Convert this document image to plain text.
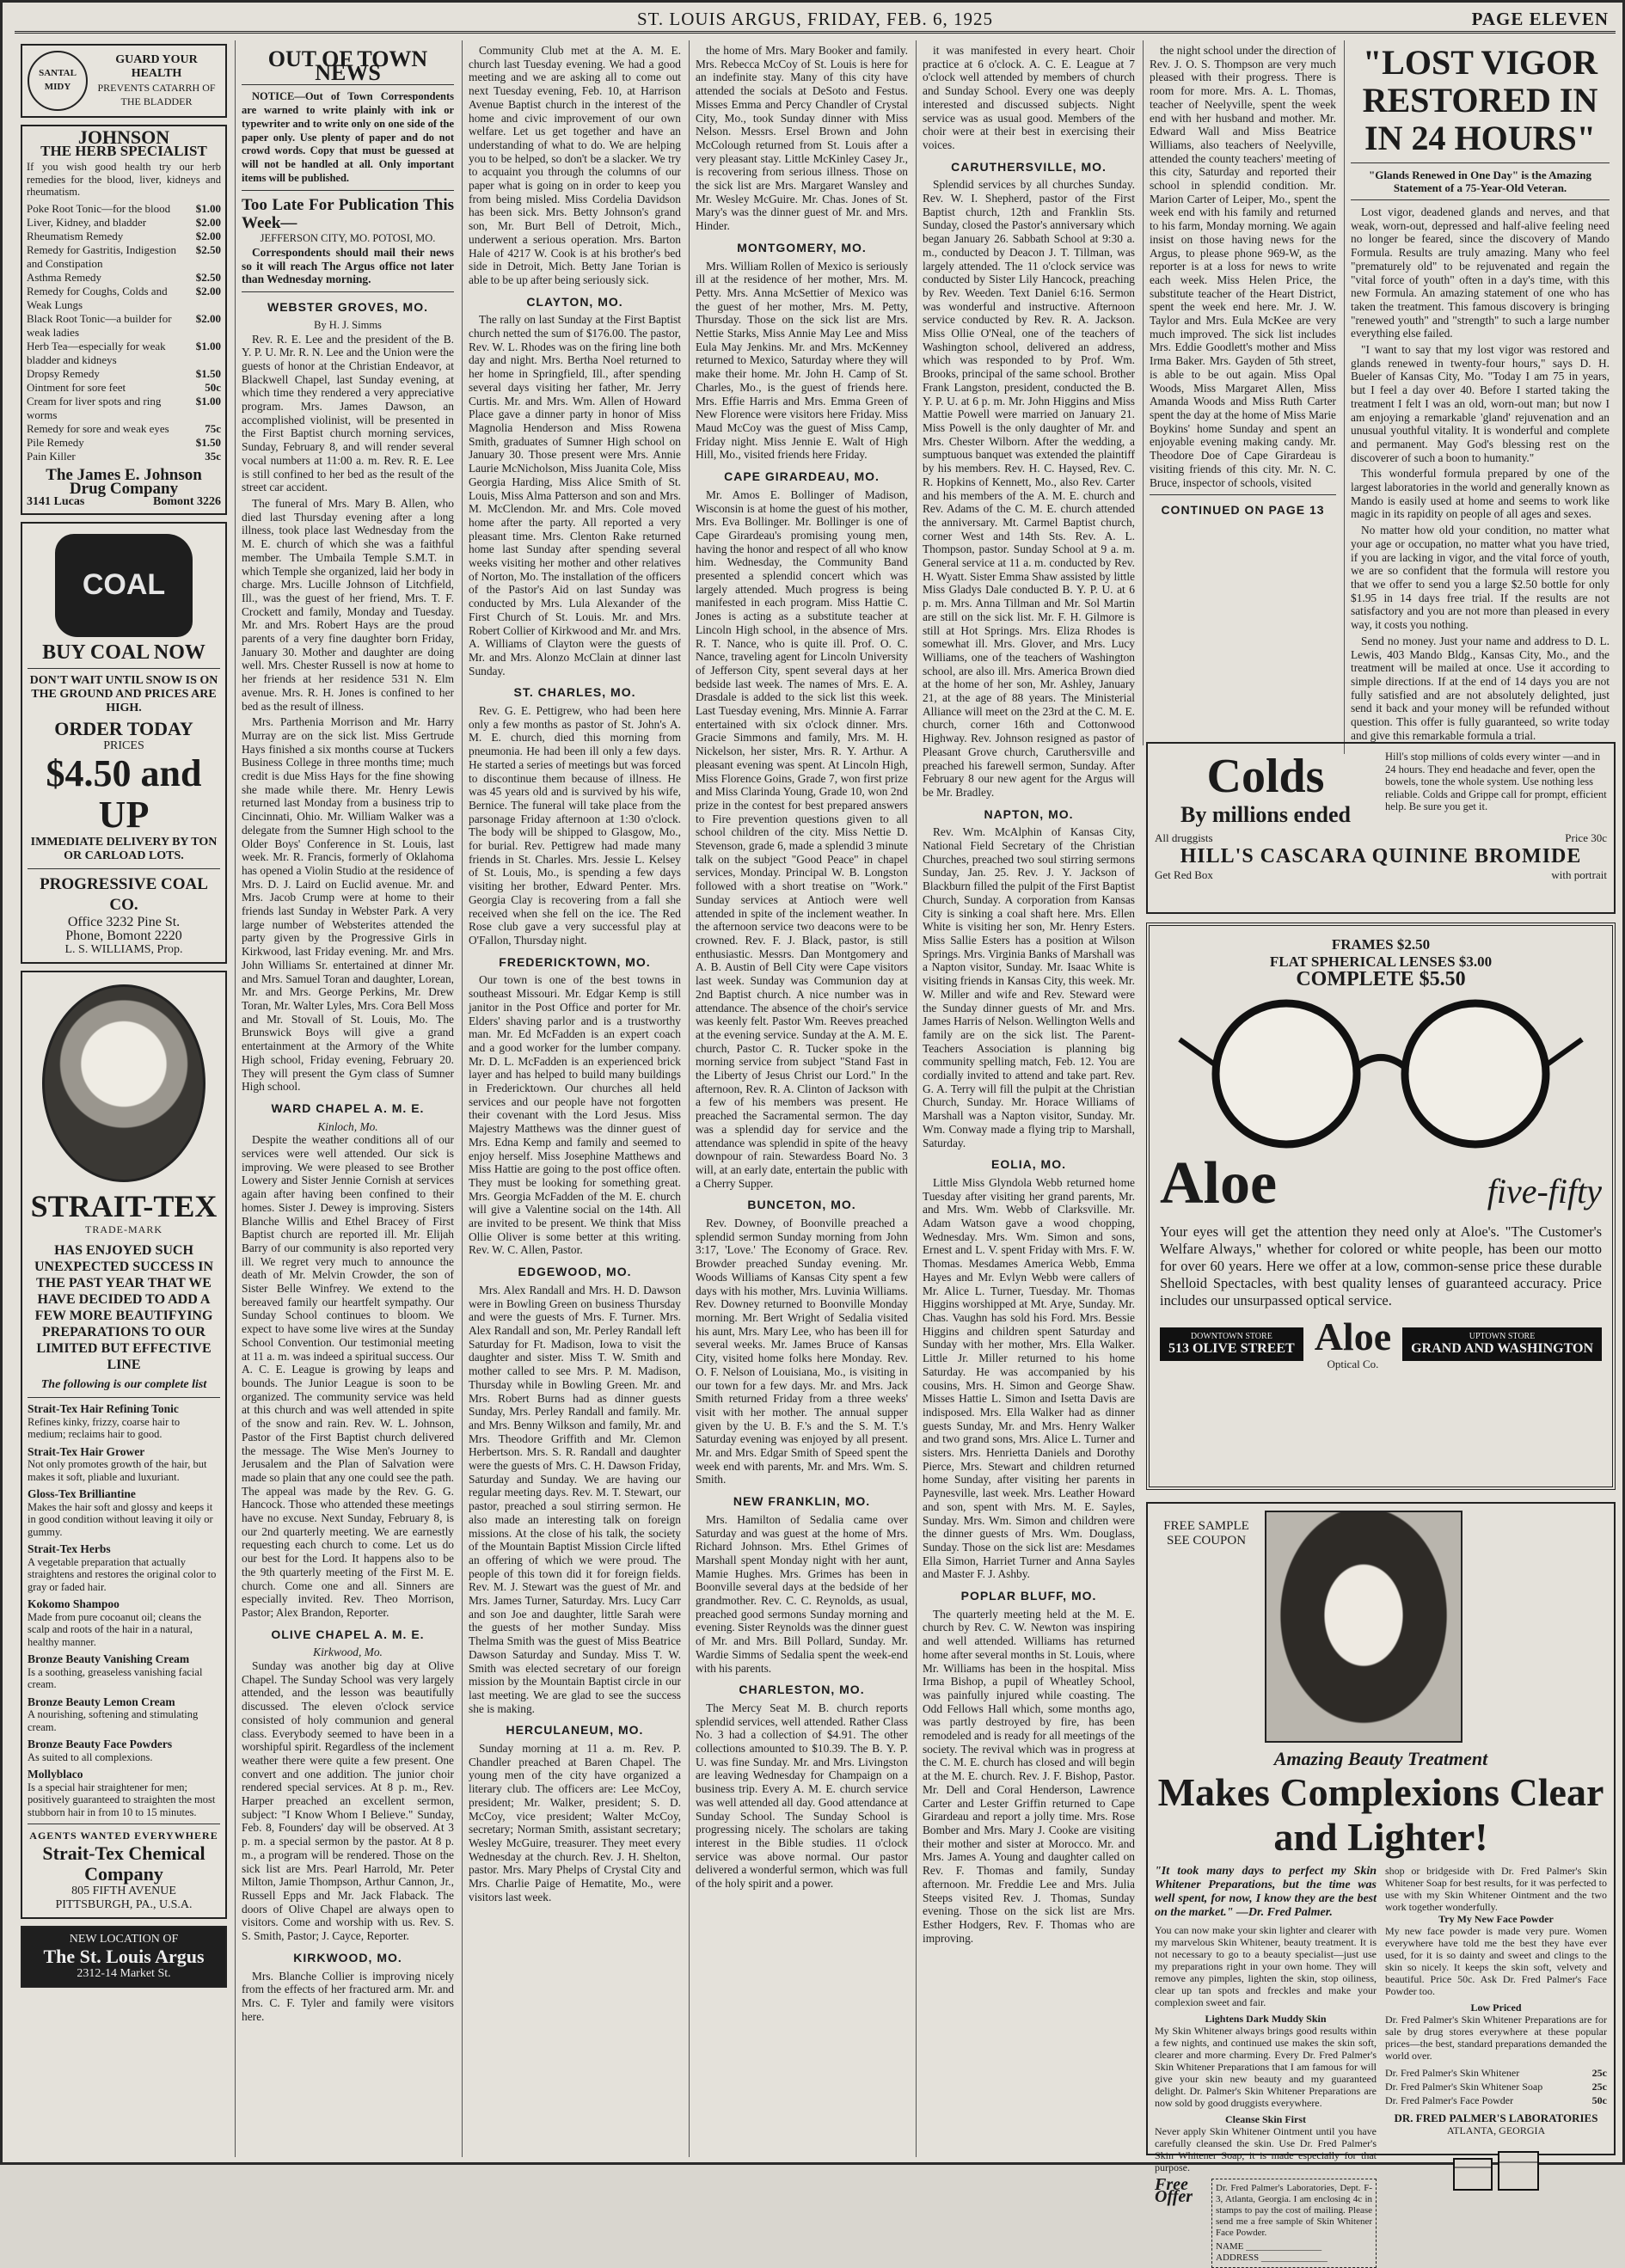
ST. LOUIS ARGUS, FRIDAY, FEB. 6, 1925	PAGE ELEVEN
SANTAL MIDY
GUARD YOUR HEALTH
PREVENTS CATARRH OF THE BLADDER
JOHNSON
THE HERB SPECIALIST
If you wish good health try our herb remedies for the blood, liver, kidneys and rheumatism.
Poke Root Tonic—for the blood	$1.00
Liver, Kidney, and bladder	$2.00
Rheumatism Remedy	$2.00
Remedy for Gastritis, Indigestion and Constipation
$2.50
Asthma Remedy	$2.50
Remedy for Coughs, Colds and Weak Lungs
$2.00
Black Root Tonic—a builder for weak ladies
$2.00
Herb Tea—especially for weak bladder and kidneys
$1.00
Dropsy Remedy	$1.50
Ointment for sore feet	50c
Cream for liver spots and ring worms
$1.00
Remedy for sore and weak eyes	75c
Pile Remedy	$1.50
Pain Killer	35c
The James E. Johnson Drug Company
3141 Lucas	Bomont 3226
COAL
BUY COAL NOW
DON'T WAIT UNTIL SNOW IS ON THE GROUND AND PRICES ARE HIGH.
ORDER TODAY
PRICES
$4.50 and UP
IMMEDIATE DELIVERY BY TON OR CARLOAD LOTS.
PROGRESSIVE COAL CO.
Office 3232 Pine St.
Phone, Bomont 2220
L. S. WILLIAMS, Prop.
STRAIT-TEX
TRADE-MARK
HAS ENJOYED SUCH UNEXPECTED SUCCESS IN THE PAST YEAR THAT WE HAVE DECIDED TO ADD A FEW MORE BEAUTIFYING PREPARATIONS TO OUR LIMITED BUT EFFECTIVE LINE
The following is our complete list
Strait-Tex Hair Refining Tonic
Refines kinky, frizzy, coarse hair to medium; reclaims hair to good.
Strait-Tex Hair Grower
Not only promotes growth of the hair, but makes it soft, pliable and luxuriant.
Gloss-Tex Brilliantine
Makes the hair soft and glossy and keeps it in good condition without leaving it oily or gummy.
Strait-Tex Herbs
A vegetable preparation that actually straightens and restores the original color to gray or faded hair.
Kokomo Shampoo
Made from pure cocoanut oil; cleans the scalp and roots of the hair in a natural, healthy manner.
Bronze Beauty Vanishing Cream
Is a soothing, greaseless vanishing facial cream.
Bronze Beauty Lemon Cream
A nourishing, softening and stimulating cream.
Bronze Beauty Face Powders
As suited to all complexions.
Mollyblaco
Is a special hair straightener for men; positively guaranteed to straighten the most stubborn hair in from 10 to 15 minutes.
AGENTS WANTED EVERYWHERE
Strait-Tex Chemical Company
805 FIFTH AVENUE
PITTSBURGH, PA., U.S.A.
NEW LOCATION OF
The St. Louis Argus
2312-14 Market St.
OUT OF TOWN NEWS

NOTICE—Out of Town Correspondents are warned to write plainly with ink or typewriter and to write only on one side of the paper only. Use plenty of paper and do not crowd words. Copy that must be guessed at will not be handled at all. Only important items will be published.

Too Late For Publication This Week—
JEFFERSON CITY, MO. POTOSI, MO.

Correspondents should mail their news so it will reach The Argus office not later than Wednesday morning.

WEBSTER GROVES, MO.
By H. J. Simms

Rev. R. E. Lee and the president of the B. Y. P. U. Mr. R. N. Lee and the Union were the guests of honor at the Christian Endeavor, at Blackwell Chapel, last Sunday evening, at which time they rendered a very appreciative program. Mrs. James Dawson, an accomplished violinist, will be presented in the First Baptist church morning services, Sunday, February 8, and will render several vocal numbers at 11:00 a. m. Rev. R. E. Lee is still confined to her bed as the result of the street car accident.

The funeral of Mrs. Mary B. Allen, who died last Thursday evening after a long illness, took place last Wednesday from the M. E. church of which she was a faithful member. The Umbaila Temple S.M.T. in which Temple she organized, laid her body in charge. Mrs. Lucille Johnson of Litchfield, Ill., was the guest of her friend, Mrs. T. F. Crockett and family, Monday and Tuesday. Mr. and Mrs. Robert Hays are the proud parents of a very fine daughter born Friday, January 30. Mother and daughter are doing well. Mrs. Chester Russell is now at home to her friends at her residence 531 N. Elm avenue. Mrs. R. H. Jones is confined to her bed as the result of illness.

Mrs. Parthenia Morrison and Mr. Harry Murray are on the sick list. Miss Gertrude Hays finished a six months course at Tuckers Business College in three months time; much credit is due Miss Hays for the fine showing she made while there. Mr. Henry Lewis returned last Monday from a business trip to Cincinnati, Ohio. Mr. William Walker was a delegate from the Sumner High school to the Older Boys' Conference in St. Louis, last week. Mr. R. Francis, formerly of Oklahoma has opened a Violin Studio at the residence of Mrs. D. J. Laird on Euclid avenue. Mr. and Mrs. Jacob Crump were at home to their friends last Sunday in Webster Park. A very large number of Websterites attended the party given by the Progressive Girls in Kirkwood, last Friday evening. Mr. and Mrs. John Williams Sr. entertained at dinner Mr. and Mrs. Samuel Toran and daughter, Lorean, Mr. and Mrs. George Perkins, Mr. Drew Toran, Mr. Walter Lyles, Mrs. Cora Bell Moss and Mr. Stovall of St. Louis, Mo. The Brunswick Boys will give a grand entertainment at the Armory of the White High school, Friday evening, February 20. They will present the Gym class of Sumner High school.

WARD CHAPEL A. M. E.
Kinloch, Mo.

Despite the weather conditions all of our services were well attended. Our sick is improving. We were pleased to see Brother Lowery and Sister Jennie Cornish at services again after having been confined to their homes. Sister J. Dewey is improving. Sisters Blanche Willis and Ethel Bracey of First Baptist church are reported ill. Mr. Elijah Barry of our community is also reported very ill. We regret very much to announce the death of Mr. Melvin Crowder, the son of Sister Belle Winfrey. We extend to the bereaved family our heartfelt sympathy. Our Sunday School continues to bloom. We expect to have some live wires at the Sunday School Convention. Our testimonial meeting at 11 a. m. was indeed a spiritual success. Our A. C. E. League is growing by leaps and bounds. The Junior League is soon to be organized. The community service was held at this church and was well attended in spite of the snow and rain. Rev. W. L. Johnson, Pastor of the First Baptist church delivered the message. The Wise Men's Journey to Jerusalem and the Plan of Salvation were made so plain that any one could see the path. The appeal was made by the Rev. G. G. Hancock. Those who attended these meetings have no excuse. Next Sunday, February 8, is our 2nd quarterly meeting. We are earnestly requesting each church to come. Let us do our best for the Lord. It happens also to be the 9th quarterly meeting of the First M. E. church. Come one and all. Sinners are especially invited. Rev. Theo Morrison, Pastor; Alex Brandon, Reporter.

OLIVE CHAPEL A. M. E.
Kirkwood, Mo.

Sunday was another big day at Olive Chapel. The Sunday School was very largely attended, and the lesson was beautifully discussed. The eleven o'clock service consisted of holy communion and general class. Everybody seemed to have been in a worshipful spirit. Regardless of the inclement weather there were quite a few present. One convert and one addition. The junior choir rendered special services. At 8 p. m., Rev. Harper preached an excellent sermon, subject: "I Know Whom I Believe." Sunday, Feb. 8, Founders' day will be observed. At 3 p. m. a special sermon by the pastor. At 8 p. m., a program will be rendered. Those on the sick list are Mrs. Pearl Harrold, Mr. Peter Milton, Jamie Thompson, Arthur Cannon, Jr., Russell Epps and Mr. Jack Flaback. The doors of Olive Chapel are always open to visitors. Come and worship with us. Rev. S. S. Smith, Pastor; J. Cayce, Reporter.

KIRKWOOD, MO.

Mrs. Blanche Collier is improving nicely from the effects of her fractured arm. Mr. and Mrs. C. F. Tyler and family were visitors here.

Community Club met at the A. M. E. church last Tuesday evening. We had a good meeting and we are asking all to come out next Tuesday evening, Feb. 10, at Harrison Avenue Baptist church in the interest of the home and civic improvement of our own welfare. Let us get together and have an understanding of what to do. We are helping you to be helped, so don't be a slacker. We try to acquaint you through the columns of our paper what is going on in order to keep you from being misled. Miss Cordelia Davidson has been sick. Mrs. Betty Johnson's grand son, Mr. Burt Bell of Detroit, Mich., underwent a serious operation. Mrs. Barton Hale of 4217 W. Cook is at his brother's bed side in Detroit, Mich. Betty Jane Torian is able to be up after being seriously sick.

CLAYTON, MO.

The rally on last Sunday at the First Baptist church netted the sum of $176.00. The pastor, Rev. W. L. Rhodes was on the firing line both day and night. Mrs. Bertha Noel returned to her home in Springfield, Ill., after spending several days visiting her father, Mr. Jerry Curtis. Mr. and Mrs. Wm. Allen of Howard Place gave a dinner party in honor of Miss Magnolia Henderson and Miss Rowena Smith, graduates of Sumner High school on January 30. Those present were Mrs. Annie Laurie McNicholson, Miss Juanita Cole, Miss Georgia Harding, Miss Alice Smith of St. Louis, Miss Alma Patterson and son and Mrs. M. McClendon. Mr. and Mrs. Cole moved home after the party. All reported a very pleasant time. Mrs. Clenton Rake returned home last Sunday after spending several weeks visiting her mother and other relatives of Norton, Mo. The installation of the officers of the Pastor's Aid on last Sunday was conducted by Mrs. Lula Alexander of the First Church of St. Louis. Mr. and Mrs. Robert Collier of Kirkwood and Mr. and Mrs. A. Williams of Clayton were the guests of Mr. and Mrs. Alonzo McClain at dinner last Sunday.

ST. CHARLES, MO.

Rev. G. E. Pettigrew, who had been here only a few months as pastor of St. John's A. M. E. church, died this morning from pneumonia. He had been ill only a few days. He started a series of meetings but was forced to discontinue them because of illness. He was 45 years old and is survived by his wife, Bernice. The funeral will take place from the parsonage Friday afternoon at 1:30 o'clock. The body will be shipped to Glasgow, Mo., for burial. Rev. Pettigrew had made many friends in St. Charles. Mrs. Jessie L. Kelsey of St. Louis, Mo., is spending a few days visiting her brother, Edward Penter. Mrs. Georgia Clay is recovering from a fall she received when she fell on the ice. The Red Rose club gave a very successful play at O'Fallon, Thursday night.

FREDERICKTOWN, MO.

Our town is one of the best towns in southeast Missouri. Mr. Edgar Kemp is still janitor in the Post Office and porter for Mr. Elders' shaving parlor and is a trustworthy man. Mr. Ed McFadden is an expert coach and a good worker for the lumber company. Mr. D. L. McFadden is an experienced brick layer and has helped to build many buildings in Fredericktown. Our churches all held services and our people have not forgotten their covenant with the Lord Jesus. Miss Majestry Matthews was the dinner guest of Mrs. Edna Kemp and family and seemed to enjoy herself. Miss Josephine Matthews and Miss Hattie are going to the post office often. They must be looking for something great. Mrs. Georgia McFadden of the M. E. church will give a Valentine social on the 14th. All are invited to be present. We think that Miss Ollie Oliver is some better at this writing. Rev. W. C. Allen, Pastor.

EDGEWOOD, MO.

Mrs. Alex Randall and Mrs. H. D. Dawson were in Bowling Green on business Thursday and were the guests of Mrs. F. Turner. Mrs. Alex Randall and son, Mr. Perley Randall left Saturday for Ft. Madison, Iowa to visit the daughter and sister. Miss T. W. Smith and mother called to see Mrs. P. M. Madison, Thursday while in Bowling Green. Mr. and Mrs. Robert Burns had as dinner guests Sunday, Mrs. Perley Randall and family. Mr. and Mrs. Benny Wilkson and family, Mr. and Mrs. Theodore Griffith and Mr. Clemon Herbertson. Mrs. S. R. Randall and daughter were the guests of Mrs. C. H. Dawson Friday, Saturday and Sunday. We are having our regular meeting days. Rev. M. T. Stewart, our pastor, preached a soul stirring sermon. He also made an interesting talk on foreign missions. At the close of his talk, the society of the Mountain Baptist Mission Circle lifted an offering of which we were proud. The people of this town did it for foreign fields. Rev. M. J. Stewart was the guest of Mr. and Mrs. James Turner, Saturday. Mrs. Lucy Carr and son Joe and daughter, little Sarah were the guests of her mother Sunday. Miss Thelma Smith was the guest of Miss Beatrice Dawson Saturday and Sunday. Miss T. W. Smith was elected secretary of our foreign mission by the Mountain Baptist circle in our last meeting. We are glad to see the success she is making.

HERCULANEUM, MO.

Sunday morning at 11 a. m. Rev. P. Chandler preached at Baren Chapel. The young men of the city have organized a literary club. The officers are: Lee McCoy, president; Mr. Walker, president; S. D. McCoy, vice president; Walter McCoy, secretary; Norman Smith, assistant secretary; Wesley McGuire, treasurer. They meet every Wednesday at the church. Rev. J. H. Shelton, pastor. Mrs. Mary Phelps of Crystal City and Mrs. Charlie Paige of Hematite, Mo., were visitors last week.

the home of Mrs. Mary Booker and family. Mrs. Rebecca McCoy of St. Louis is here for an indefinite stay. Many of this city have attended the socials at DeSoto and Festus. Misses Emma and Percy Chandler of Crystal City, Mo., took Sunday dinner with Miss Nelson. Messrs. Ersel Brown and John McColough returned from St. Louis after a very pleasant stay. Little McKinley Casey Jr., is recovering from serious illness. Those on the sick list are Mrs. Margaret Wansley and Mr. Wesley McGuire. Mr. Chas. Jones of St. Mary's was the dinner guest of Mr. and Mrs. Hinder.

MONTGOMERY, MO.

Mrs. William Rollen of Mexico is seriously ill at the residence of her mother, Mrs. M. Petty. Mrs. Anna McSettier of Mexico was the guest of her mother, Mrs. M. Petty, Thursday. Those on the sick list are Mrs. Nettie Starks, Miss Annie May Lee and Miss Eula May Jenkins. Mr. and Mrs. McKenney returned to Mexico, Saturday where they will make their home. Mr. John H. Camp of St. Charles, Mo., is the guest of friends here. Mrs. Effie Harris and Mrs. Emma Green of New Florence were visitors here Friday. Miss Maud McCoy was the guest of Miss Camp, Friday night. Miss Jennie E. Walt of High Hill, Mo., visited friends here Friday.

CAPE GIRARDEAU, MO.

Mr. Amos E. Bollinger of Madison, Wisconsin is at home the guest of his mother, Mrs. Eva Bollinger. Mr. Bollinger is one of Cape Girardeau's promising young men, having the honor and respect of all who know him. Wednesday, the Community Band presented a splendid concert which was largely attended. Much progress is being manifested in each program. Miss Hattie C. Jones is acting as a substitute teacher at Lincoln High school, in the absence of Mrs. R. T. Nance, who is quite ill. Prof. O. C. Nance, traveling agent for Lincoln University of Jefferson City, spent several days at her bedside last week. The names of Mrs. E. A. Drasdale is added to the sick list this week. Last Tuesday evening, Mrs. Minnie A. Farrar entertained with six o'clock dinner. Mrs. Gracie Simmons and family, Mrs. M. H. Nickelson, her sister, Mrs. R. Y. Arthur. A pleasant evening was spent. At Lincoln High, Miss Florence Goins, Grade 7, won first prize and Miss Clarinda Young, Grade 10, won 2nd prize in the contest for best prepared answers to Fire prevention questions given to all school children of the city. Miss Nettie D. Stevenson, grade 6, made a splendid 3 minute talk on the subject "Good Peace" in chapel services, Monday. Principal W. B. Longston followed with a short treatise on "Work." Sunday services at Antioch were well attended in spite of the inclement weather. In the afternoon service two deacons were to be crowned. Rev. F. J. Black, pastor, is still enthusiastic. Messrs. Dan Montgomery and A. B. Austin of Bell City were Cape visitors last week. Sunday was Communion day at 2nd Baptist church. A nice number was in attendance. The absence of the choir's service was keenly felt. Pastor Wm. Reeves preached at the evening service. Sunday at the A. M. E. church, Pastor C. R. Tucker spoke in the morning service from subject "Stand Fast in the Liberty of Jesus Christ our Lord." In the afternoon, Rev. R. A. Clinton of Jackson with a few of his members was present. He preached the Sacramental sermon. The day was a splendid day for service and the attendance was splendid in spite of the heavy downpour of rain. Stewardess Board No. 3 will, at an early date, entertain the public with a Cherry Supper.

BUNCETON, MO.

Rev. Downey, of Boonville preached a splendid sermon Sunday morning from John 3:17, 'Love.' The Economy of Grace. Rev. Browder preached Sunday evening. Mr. Woods Williams of Kansas City spent a few days with his mother, Mrs. Luvinia Williams. Rev. Downey returned to Boonville Monday morning. Mr. Bert Wright of Sedalia visited his aunt, Mrs. Mary Lee, who has been ill for several weeks. Mr. James Bruce of Kansas City, visited home folks here Monday. Rev. O. F. Nelson of Louisiana, Mo., is visiting in our town for a few days. Mr. and Mrs. Jack Smith returned Friday from a three weeks' visit with her mother. The annual supper given by the U. B. F.'s and the S. M. T.'s Saturday evening was enjoyed by all present. Mr. and Mrs. Edgar Smith of Speed spent the week end with parents, Mr. and Mrs. Wm. S. Smith.

NEW FRANKLIN, MO.

Mrs. Hamilton of Sedalia came over Saturday and was guest at the home of Mrs. Richard Johnson. Mrs. Ethel Grimes of Marshall spent Monday night with her aunt, Mamie Hughes. Mrs. Grimes has been in Boonville several days at the bedside of her grandmother. Rev. C. C. Reynolds, as usual, preached good sermons Sunday morning and evening. Sister Reynolds was the dinner guest of Mr. and Mrs. Bill Pollard, Sunday. Mr. Wardie Simms of Sedalia spent the week-end with his parents.

CHARLESTON, MO.

The Mercy Seat M. B. church reports splendid services, well attended. Rather Class No. 3 had a collection of $4.91. The other collections amounted to $10.39. The B. Y. P. U. was fine Sunday. Mr. and Mrs. Livingston are leaving Wednesday for Champaign on a business trip. Every A. M. E. church service was well attended all day. Good attendance at Sunday School. The Sunday School is progressing nicely. The scholars are taking interest in the Bible studies. 11 o'clock service was above normal. Our pastor delivered a wonderful sermon, which was full of the holy spirit and a power.

it was manifested in every heart. Choir practice at 6 o'clock. A. C. E. League at 7 o'clock well attended by members of church and Sunday School. Every one was deeply interested and discussed subjects. Night service was as usual good. Members of the choir were at their best in exercising their voices.

CARUTHERSVILLE, MO.

Splendid services by all churches Sunday. Rev. W. I. Shepherd, pastor of the First Baptist church, 12th and Franklin Sts. Sunday, closed the Pastor's anniversary which began January 26. Sabbath School at 9:30 a. m., conducted by Deacon J. T. Tillman, was largely attended. The 11 o'clock service was conducted by Sister Lily Hancock, preaching by Rev. Weeden. Text Daniel 6:16. Sermon was wonderful and instructive. Afternoon service conducted by Rev. R. A. Jackson. Miss Ollie O'Neal, one of the teachers of Washington school, delivered an address, which was responded to by Prof. Wm. Brooks, principal of the same school. Brother Frank Langston, president, conducted the B. Y. P. U. at 6 p. m. Mr. John Higgins and Miss Mattie Powell were married on January 21. Miss Powell is the only daughter of Mr. and Mrs. Chester Wilborn. After the wedding, a sumptuous banquet was extended the plaintiff by his members. Rev. H. C. Haysed, Rev. C. R. Hopkins of Kennett, Mo., also Rev. Carter and his members of the A. M. E. church and Rev. Adams of the C. M. E. church attended the anniversary. Mt. Carmel Baptist church, corner West and 14th Sts. Rev. A. L. Thompson, pastor. Sunday School at 9 a. m. General service at 11 a. m. conducted by Rev. H. Wyatt. Sister Emma Shaw assisted by little Miss Gladys Dale conducted B. Y. P. U. at 6 p. m. Mrs. Anna Tillman and Mr. Sol Martin are still on the sick list. Mr. F. H. Gilmore is still at Hot Springs. Mrs. Eliza Rhodes is somewhat ill. Mrs. Glover, and Mrs. Lucy Williams, one of the teachers of Washington school, are also ill. Mrs. America Brown died at the home of her son, Mr. Ashley, January 21, at the age of 88 years. The Ministerial Alliance will meet on the 23rd at the C. M. E. church, corner 16th and Cottonwood Highway. Rev. Johnson resigned as pastor of Pleasant Grove church, Caruthersville and preached his farewell sermon, Sunday. After February 8 our new agent for the Argus will be Mr. Bradley.

NAPTON, MO.

Rev. Wm. McAlphin of Kansas City, National Field Secretary of the Christian Churches, preached two soul stirring sermons Sunday, Jan. 25. Rev. J. Y. Jackson of Blackburn filled the pulpit of the First Baptist Church, Sunday. A corporation from Kansas City is sinking a coal shaft here. Mrs. Ellen White is visiting her son, Mr. Henry Esters. Miss Sallie Esters has a position at Wilson Springs. Mrs. Virginia Banks of Marshall was a Napton visitor, Sunday. Mr. Isaac White is visiting friends in Kansas City, this week. Mr. W. Miller and wife and Rev. Steward were the Sunday dinner guests of Mr. and Mrs. James Harris of Nelson. Wellington Wells and family are on the sick list. The Parent-Teachers Association is planning big community spelling match, Feb. 12. You are cordially invited to attend and take part. Rev. G. A. Terry will fill the pulpit at the Christian Church, Sunday. Mr. Horace Williams of Marshall was a Napton visitor, Sunday. Mr. Wm. Conway made a flying trip to Marshall, Saturday.

EOLIA, MO.

Little Miss Glyndola Webb returned home Tuesday after visiting her grand parents, Mr. and Mrs. Wm. Webb of Clarksville. Mr. Adam Watson gave a wood chopping, Wednesday. Mrs. Wm. Simon and sons, Ernest and L. V. spent Friday with Mrs. F. W. Thomas. Mesdames America Webb, Emma Hayes and Mr. Evlyn Webb were callers of Mr. Alice L. Turner, Tuesday. Mr. Thomas Higgins worshipped at Mt. Arye, Sunday. Mr. Chas. Vaughn has sold his Ford. Mrs. Bessie Higgins and children spent Saturday and Sunday with her mother, Mrs. Ella Walker. Little Jr. Miller returned to his home Saturday. He was accompanied by his cousins, Mrs. H. Simon and George Shaw. Misses Hattie L. Simon and Isetta Davis are indisposed. Mrs. Ella Walker had as dinner guests Sunday, Mr. and Mrs. Henry Walker and two grand sons, Mrs. Alice L. Turner and sisters. Mrs. Henrietta Daniels and Dorothy Pierce, Mrs. Stewart and children returned home Sunday, after visiting her parents in Paynesville, last week. Mrs. Leather Howard and son, spent with Mrs. M. E. Sayles, Sunday. Mrs. Wm. Simon and children were the dinner guests of Mrs. Wm. Douglass, Sunday. Those on the sick list are: Mesdames Ella Simon, Harriet Turner and Anna Sayles and Master F. J. Ashby.

POPLAR BLUFF, MO.

The quarterly meeting held at the M. E. church by Rev. C. W. Newton was inspiring and well attended. Williams has returned home after several months in St. Louis, where Mr. Williams has been in the hospital. Miss Irma Bishop, a pupil of Wheatley School, was painfully injured while coasting. The Odd Fellows Hall which, some months ago, was partly destroyed by fire, has been remodeled and is ready for all meetings of the society. The revival which was in progress at the C. M. E. church has closed and will begin at the M. E. church. Rev. J. F. Bishop, Pastor. Mr. Dell and Coral Henderson, Lawrence Carter and Lester Griffin returned to Cape Girardeau and report a jolly time. Mrs. Rose Bomber and Mrs. Mary J. Cooke are visiting their mother and sister at Morocco. Mr. and Mrs. James A. Young and daughter called on Rev. F. Thomas and family, Sunday afternoon. Mr. Freddie Lee and Mrs. Julia Steeps visited Rev. J. Thomas, Sunday evening. Those on the sick list are Mrs. Esther Hodgers, Rev. F. Thomas who are improving.

the night school under the direction of Rev. J. O. S. Thompson are very much pleased with their progress. There is room for more. Mrs. A. L. Thomas, teacher of Neelyville, spent the week end with her husband and mother. Mr. Edward Wall and Miss Beatrice Williams, also teachers of Neelyville, attended the county teachers' meeting of this city, Saturday and reported their school in splendid condition. Mr. Marion Carter of Leiper, Mo., spent the week end with his family and returned to his farm, Monday morning. We again insist on those having news for the Argus, to please phone 969-W, as the reporter is at a loss for news to write each week. Miss Helen Price, the substitute teacher of the Heart District, spent the week end here. Mr. J. W. Taylor and Mrs. Eula McKee are very much improved. The sick list includes Mrs. Eddie Goodlett's mother and Miss Irma Baker. Mrs. Gayden of 5th street, is able to be out again. Miss Opal Woods, Miss Margaret Allen, Miss Amanda Woods and Miss Ruth Carter spent the day at the home of Miss Marie Boykins' home Sunday and spent an enjoyable evening making candy. Mr. Theodore Doe of Cape Girardeau is visiting friends of this city. Mr. N. C. Bruce, inspector of schools, visited

CONTINUED ON PAGE 13
"LOST VIGOR RESTORED IN IN 24 HOURS"
"Glands Renewed in One Day" is the Amazing Statement of a 75-Year-Old Veteran.

Lost vigor, deadened glands and nerves, and that weak, worn-out, depressed and half-alive feeling need no longer be feared, since the discovery of Mando Formula. Results are truly amazing. Many who feel "prematurely old" to be rejuvenated and regain the "vital force of youth" often in a day's time, with this new Formula. An amazing statement of one who has taken the treatment. This famous discovery is bringing "renewed youth" and "strength" to such a large number everything else failed.

"I want to say that my lost vigor was restored and glands renewed in twenty-four hours," says D. H. Bueler of Kansas City, Mo. "Today I am 75 in years, but I feel a day over 40. Before I started taking the treatment I felt I was an old, worn-out man; but now I am enjoying a remarkable 'gland' rejuvenation and an unusual youthful vitality. It is wonderful and complete and permanent. May God's blessing rest on the discoverer of such a boon to humanity."

This wonderful formula prepared by one of the largest laboratories in the world and generally known as Mando is easily used at home and seems to work like magic in its rapidity on people of all ages and sexes.

No matter how old your condition, no matter what your age or occupation, no matter what you have tried, if you are lacking in vigor, and the vital force of youth, we are so confident that the formula will restore you that we offer to send you a large $2.50 bottle for only $1.95 in 14 days free trial. If the results are not satisfactory and you are not more than pleased in every way, it costs you nothing.

Send no money. Just your name and address to D. L. Lewis, 403 Mando Bldg., Kansas City, Mo., and the treatment will be mailed at once. Use it according to simple directions. If at the end of 14 days you are not fully satisfied and are not absolutely delighted, just send it back and your money will be refunded without question. This offer is fully guaranteed, so write today and give this remarkable formula a trial.

Colds
By millions ended
Hill's stop millions of colds every winter —and in 24 hours. They end headache and fever, open the bowels, tone the whole system. Use nothing less reliable. Colds and Grippe call for prompt, efficient help. Be sure you get it.
All druggists	Price 30c
HILL'S CASCARA QUININE BROMIDE
Get Red Box	with portrait
FRAMES $2.50
FLAT SPHERICAL LENSES $3.00
COMPLETE $5.50
Aloe	five-fifty
Your eyes will get the attention they need only at Aloe's. "The Customer's Welfare Always," whether for colored or white people, has been our motto for over 60 years. Here we offer at a low, common-sense price these durable Shelloid Spectacles, with best quality lenses of guaranteed accuracy. Price includes our unsurpassed optical service.
DOWNTOWN STORE
513 OLIVE STREET Aloe
Optical Co.
UPTOWN STORE
GRAND AND WASHINGTON
FREE SAMPLE SEE COUPON
Amazing Beauty Treatment
Makes Complexions Clear and Lighter!
"It took many days to perfect my Skin Whitener Preparations, but the time was well spent, for now, I know they are the best on the market." —Dr. Fred Palmer.
You can now make your skin lighter and clearer with my marvelous Skin Whitener, beauty treatment. It is not necessary to go to a beauty specialist—just use my preparations right in your own home. They will remove any pimples, lighten the skin, stop oiliness, clear up tan spots and freckles and make your complexion sweet and fair.
Lightens Dark Muddy Skin
My Skin Whitener always brings good results within a few nights, and continued use makes the skin soft, clearer and more charming. Every Dr. Fred Palmer's Skin Whitener Preparations that I am famous for will give your skin new beauty and my guaranteed delight. Dr. Palmer's Skin Whitener Preparations are now sold by good druggists everywhere.
Cleanse Skin First
Never apply Skin Whitener Ointment until you have carefully cleansed the skin. Use Dr. Fred Palmer's Skin Whitener Soap, it is made especially for that purpose.
Free Offer	Dr. Fred Palmer's Laboratories, Dept. F-3, Atlanta, Georgia. I am enclosing 4c in stamps to pay the cost of mailing. Please send me a free sample of Skin Whitener Face Powder.
NAME ________________
ADDRESS ______________

shop or bridgeside with Dr. Fred Palmer's Skin Whitener Soap for best results, for it was perfected to use with my Skin Whitener Ointment and the two work together wonderfully.

Try My New Face Powder
My new face powder is made very pure. Women everywhere have told me the best they have ever used, for it is so dainty and sweet and clings to the skin so nicely. It keeps the skin soft, velvety and beautiful. Price 50c. Ask Dr. Fred Palmer's Face Powder too.
Low Priced
Dr. Fred Palmer's Skin Whitener Preparations are for sale by drug stores everywhere at these popular prices—the best, standard preparations demanded the world over.
Dr. Fred Palmer's Skin Whitener	25c
Dr. Fred Palmer's Skin Whitener Soap	25c
Dr. Fred Palmer's Face Powder	50c
DR. FRED PALMER'S LABORATORIES
ATLANTA, GEORGIA
